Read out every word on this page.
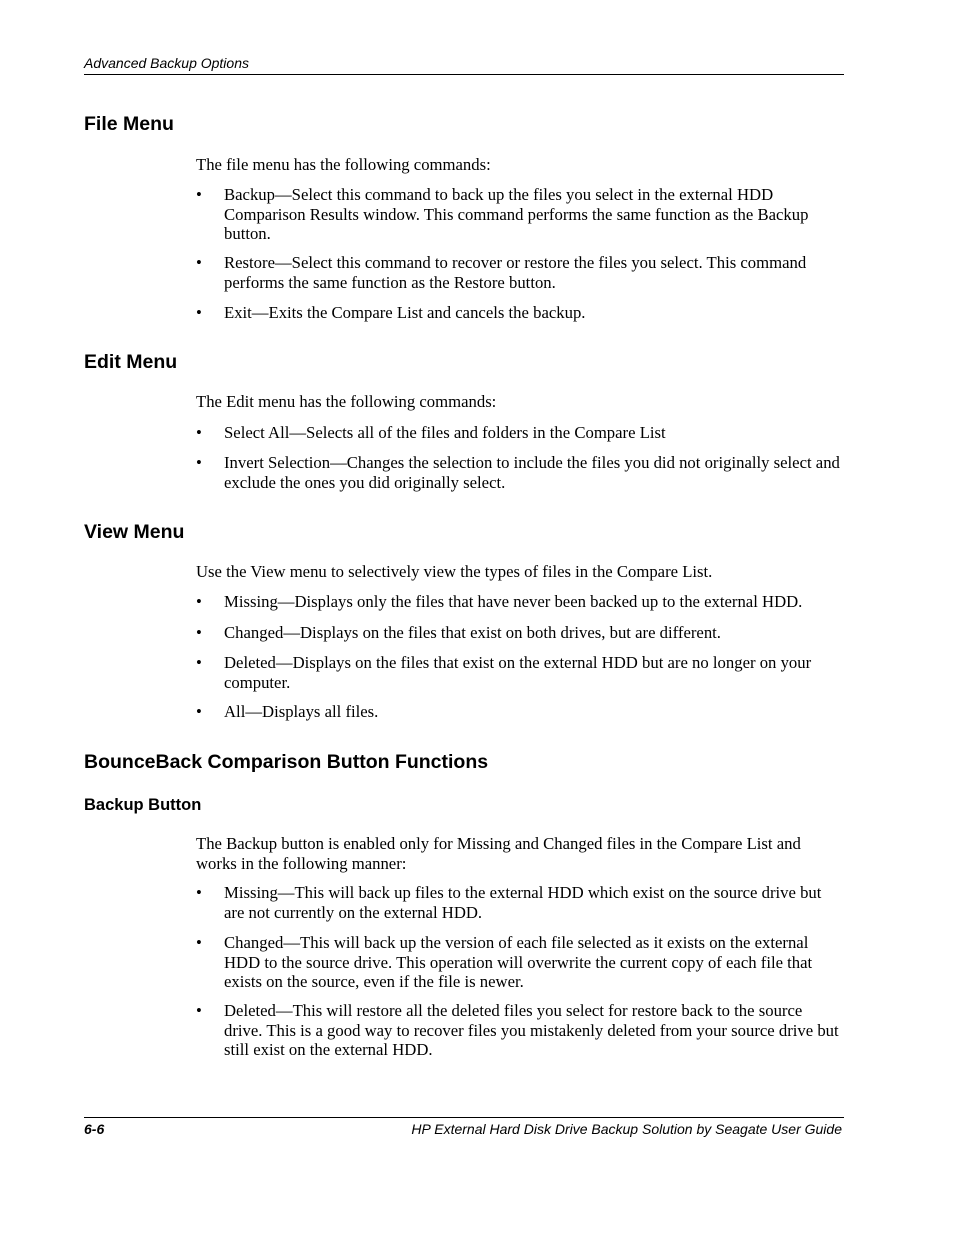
Advanced Backup Options
File Menu

The file menu has the following commands:

• Backup—Select this command to back up the files you select in the external HDD Comparison Results window. This command performs the same function as the Backup button.
• Restore—Select this command to recover or restore the files you select. This command performs the same function as the Restore button.
• Exit—Exits the Compare List and cancels the backup.
Edit Menu

The Edit menu has the following commands:

• Select All—Selects all of the files and folders in the Compare List
• Invert Selection—Changes the selection to include the files you did not originally select and exclude the ones you did originally select.
View Menu

Use the View menu to selectively view the types of files in the Compare List.

• Missing—Displays only the files that have never been backed up to the external HDD.
• Changed—Displays on the files that exist on both drives, but are different.
• Deleted—Displays on the files that exist on the external HDD but are no longer on your computer.
• All—Displays all files.
BounceBack Comparison Button Functions
Backup Button

The Backup button is enabled only for Missing and Changed files in the Compare List and works in the following manner:

• Missing—This will back up files to the external HDD which exist on the source drive but are not currently on the external HDD.
• Changed—This will back up the version of each file selected as it exists on the external HDD to the source drive. This operation will overwrite the current copy of each file that exists on the source, even if the file is newer.
• Deleted—This will restore all the deleted files you select for restore back to the source drive. This is a good way to recover files you mistakenly deleted from your source drive but still exist on the external HDD.
6-6	HP External Hard Disk Drive Backup Solution by Seagate User Guide
